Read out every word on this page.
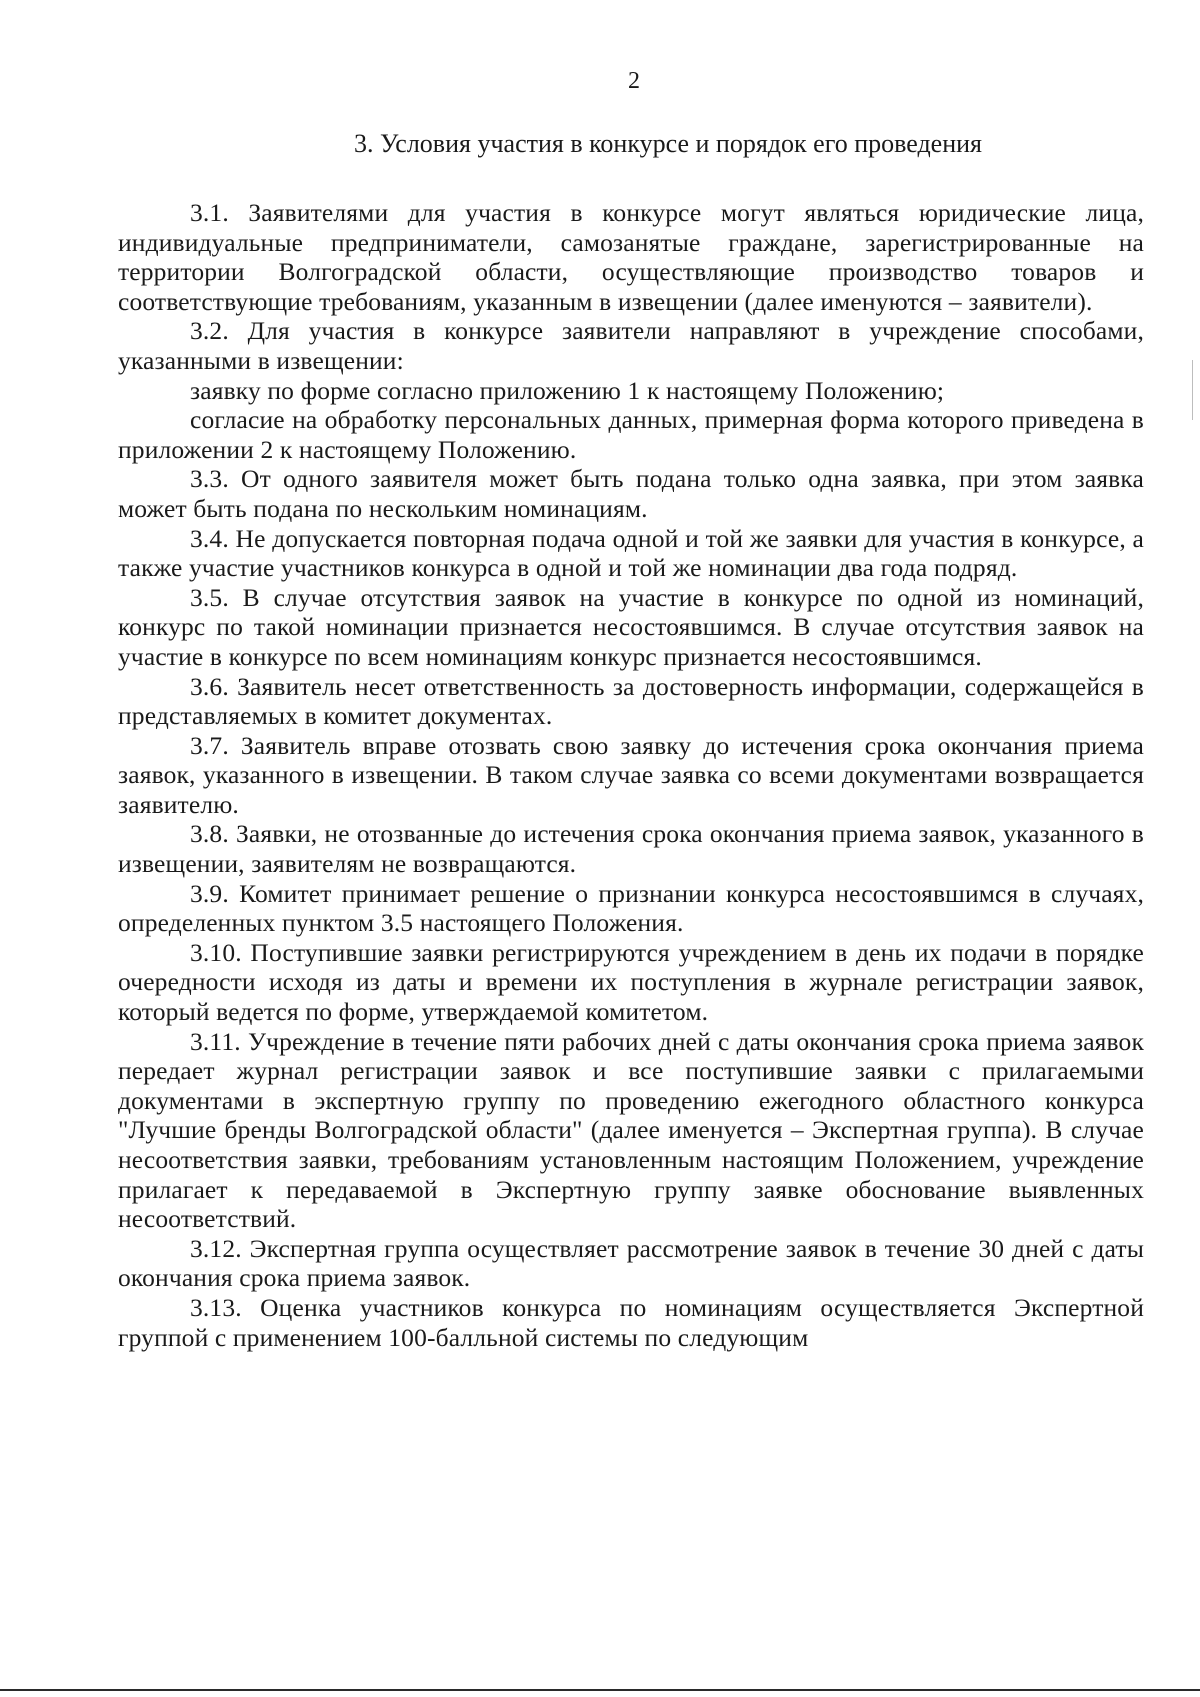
2
3. Условия участия в конкурсе и порядок его проведения

3.1. Заявителями для участия в конкурсе могут являться юридические лица, индивидуальные предприниматели, самозанятые граждане, зарегистрированные на территории Волгоградской области, осуществляющие производство товаров и соответствующие требованиям, указанным в извещении (далее именуются – заявители).

3.2. Для участия в конкурсе заявители направляют в учреждение способами, указанными в извещении:

заявку по форме согласно приложению 1 к настоящему Положению;

согласие на обработку персональных данных, примерная форма которого приведена в приложении 2 к настоящему Положению.

3.3. От одного заявителя может быть подана только одна заявка, при этом заявка может быть подана по нескольким номинациям.

3.4. Не допускается повторная подача одной и той же заявки для участия в конкурсе, а также участие участников конкурса в одной и той же номинации два года подряд.

3.5. В случае отсутствия заявок на участие в конкурсе по одной из номинаций, конкурс по такой номинации признается несостоявшимся. В случае отсутствия заявок на участие в конкурсе по всем номинациям конкурс признается несостоявшимся.

3.6. Заявитель несет ответственность за достоверность информации, содержащейся в представляемых в комитет документах.

3.7. Заявитель вправе отозвать свою заявку до истечения срока окончания приема заявок, указанного в извещении. В таком случае заявка со всеми документами возвращается заявителю.

3.8. Заявки, не отозванные до истечения срока окончания приема заявок, указанного в извещении, заявителям не возвращаются.

3.9. Комитет принимает решение о признании конкурса несостоявшимся в случаях, определенных пунктом 3.5 настоящего Положения.

3.10. Поступившие заявки регистрируются учреждением в день их подачи в порядке очередности исходя из даты и времени их поступления в журнале регистрации заявок, который ведется по форме, утверждаемой комитетом.

3.11. Учреждение в течение пяти рабочих дней с даты окончания срока приема заявок передает журнал регистрации заявок и все поступившие заявки с прилагаемыми документами в экспертную группу по проведению ежегодного областного конкурса "Лучшие бренды Волгоградской области" (далее именуется – Экспертная группа). В случае несоответствия заявки, требованиям установленным настоящим Положением, учреждение прилагает к передаваемой в Экспертную группу заявке обоснование выявленных несоответствий.

3.12. Экспертная группа осуществляет рассмотрение заявок в течение 30 дней с даты окончания срока приема заявок.

3.13. Оценка участников конкурса по номинациям осуществляется Экспертной группой с применением 100-балльной системы по следующим
